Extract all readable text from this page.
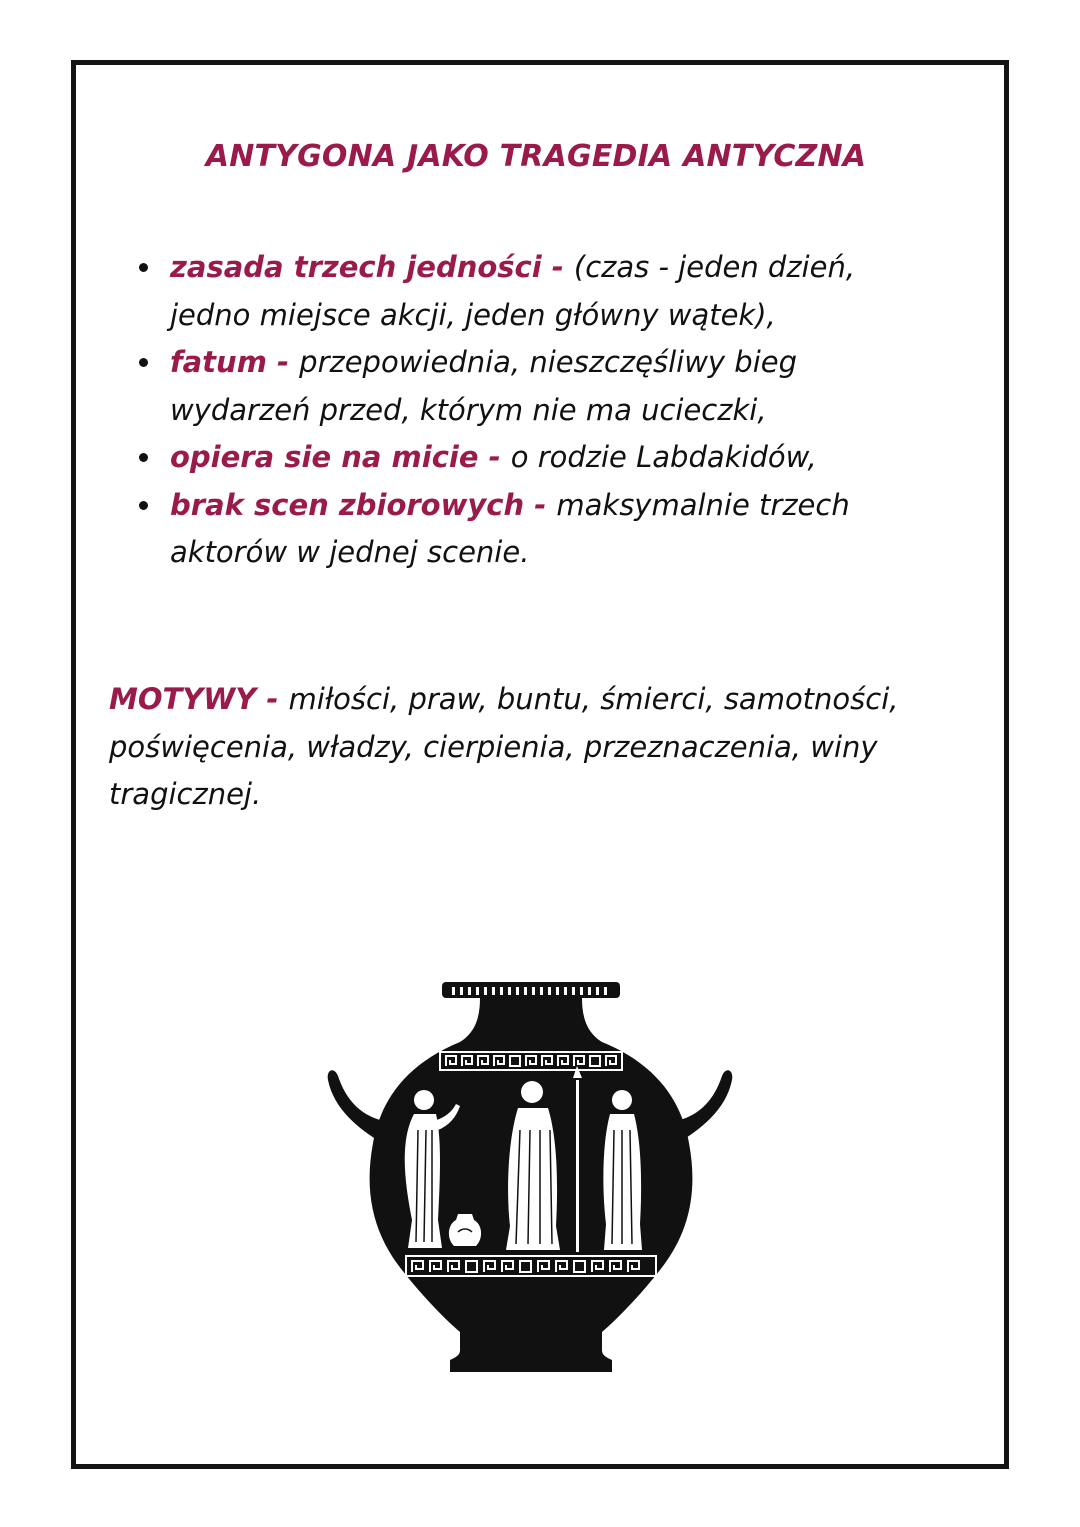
ANTYGONA JAKO TRAGEDIA ANTYCZNA
zasada trzech jedności - (czas - jeden dzień, jedno miejsce akcji, jeden główny wątek),
fatum - przepowiednia, nieszczęśliwy bieg wydarzeń przed, którym nie ma ucieczki,
opiera sie na micie - o rodzie Labdakidów,
brak scen zbiorowych - maksymalnie trzech aktorów w jednej scenie.

MOTYWY - miłości, praw, buntu, śmierci, samotności, poświęcenia, władzy, cierpienia, przeznaczenia, winy tragicznej.
